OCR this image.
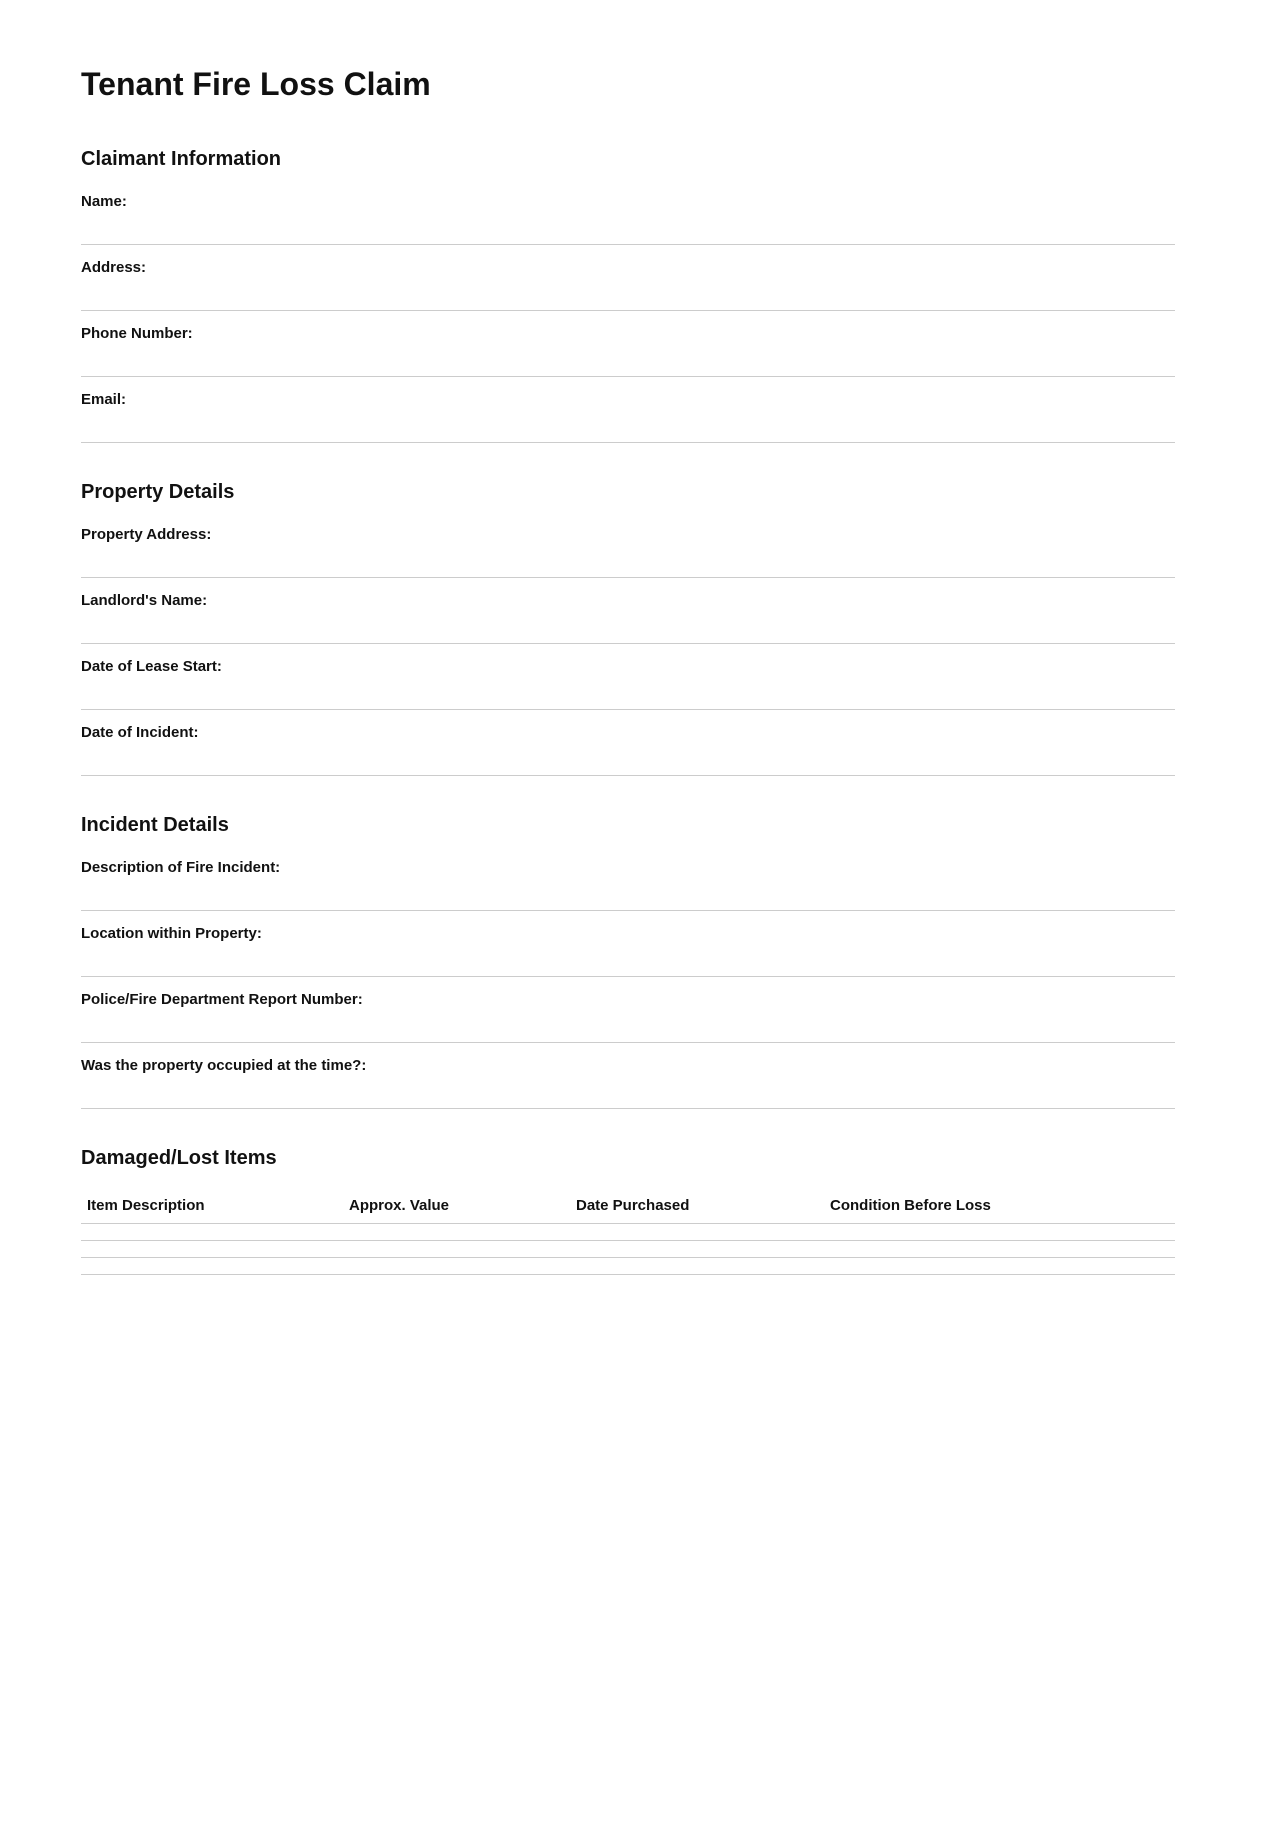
Tenant Fire Loss Claim
Claimant Information
Name:
Address:
Phone Number:
Email:
Property Details
Property Address:
Landlord's Name:
Date of Lease Start:
Date of Incident:
Incident Details
Description of Fire Incident:
Location within Property:
Police/Fire Department Report Number:
Was the property occupied at the time?:
Damaged/Lost Items
Item Description	Approx. Value	Date Purchased	Condition Before Loss
